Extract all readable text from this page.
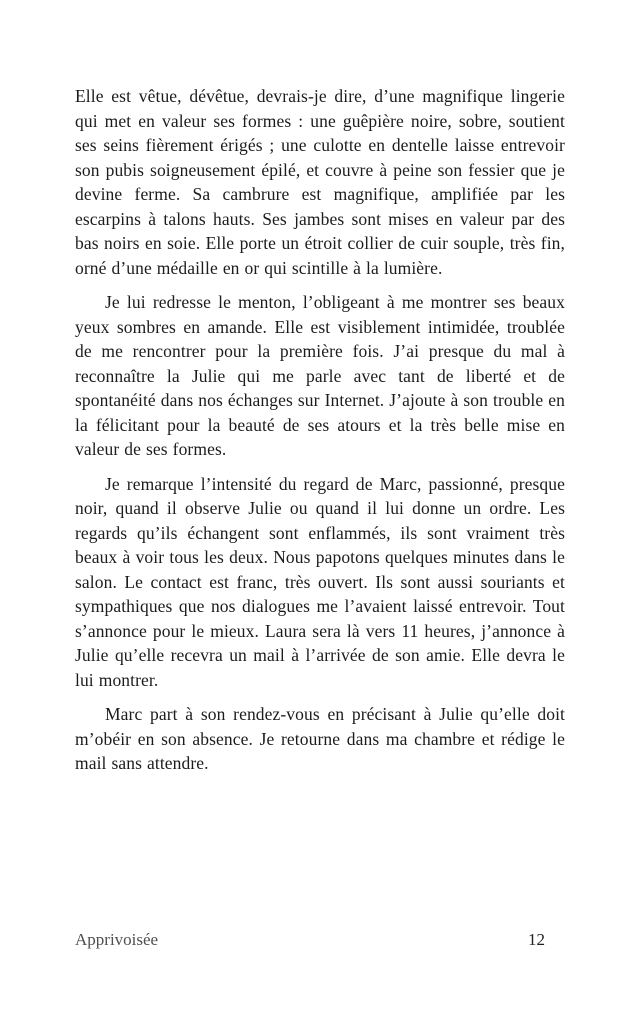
Elle est vêtue, dévêtue, devrais-je dire, d’une magnifique lingerie qui met en valeur ses formes : une guêpière noire, sobre, soutient ses seins fièrement érigés ; une culotte en dentelle laisse entrevoir son pubis soigneusement épilé, et couvre à peine son fessier que je devine ferme. Sa cambrure est magnifique, amplifiée par les escarpins à talons hauts. Ses jambes sont mises en valeur par des bas noirs en soie. Elle porte un étroit collier de cuir souple, très fin, orné d’une médaille en or qui scintille à la lumière.

Je lui redresse le menton, l’obligeant à me montrer ses beaux yeux sombres en amande. Elle est visiblement intimidée, troublée de me rencontrer pour la première fois. J’ai presque du mal à reconnaître la Julie qui me parle avec tant de liberté et de spontanéité dans nos échanges sur Internet. J’ajoute à son trouble en la félicitant pour la beauté de ses atours et la très belle mise en valeur de ses formes.

Je remarque l’intensité du regard de Marc, passionné, presque noir, quand il observe Julie ou quand il lui donne un ordre. Les regards qu’ils échangent sont enflammés, ils sont vraiment très beaux à voir tous les deux. Nous papotons quelques minutes dans le salon. Le contact est franc, très ouvert. Ils sont aussi souriants et sympathiques que nos dialogues me l’avaient laissé entrevoir. Tout s’annonce pour le mieux. Laura sera là vers 11 heures, j’annonce à Julie qu’elle recevra un mail à l’arrivée de son amie. Elle devra le lui montrer.

Marc part à son rendez-vous en précisant à Julie qu’elle doit m’obéir en son absence. Je retourne dans ma chambre et rédige le mail sans attendre.

Apprivoisée	12
